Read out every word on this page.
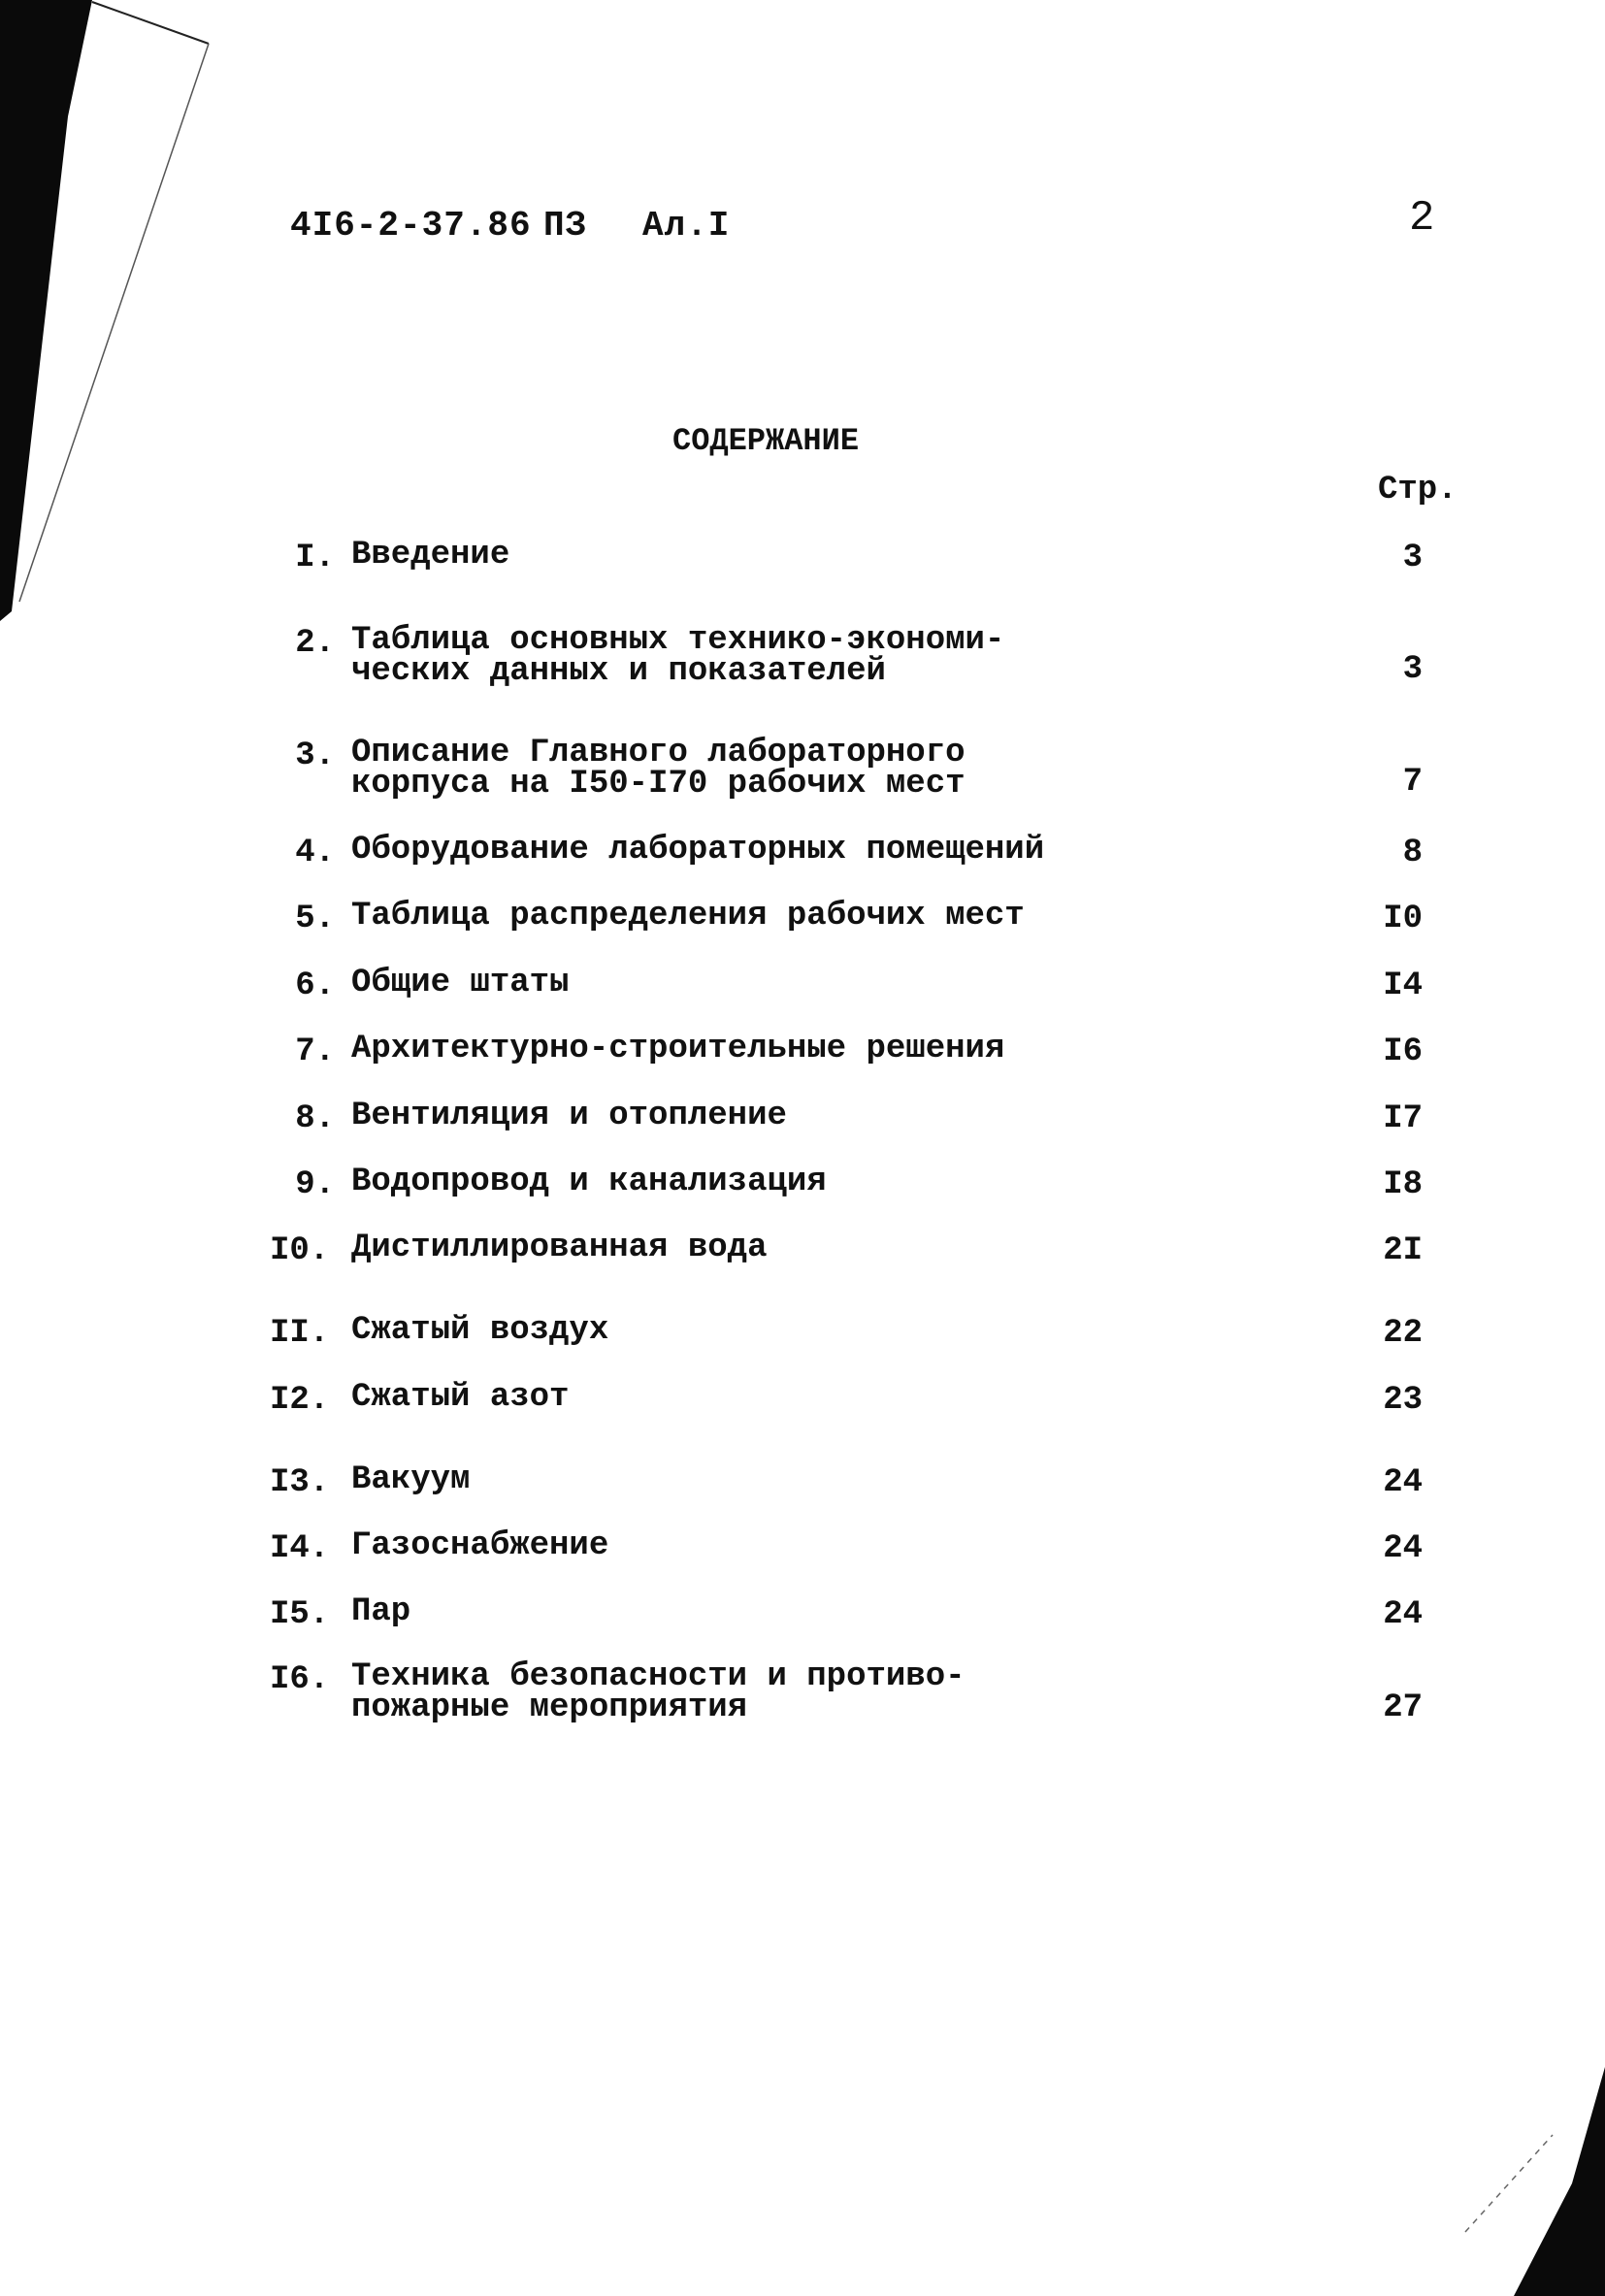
4I6-2-37.86 ПЗ Ал.I	2
СОДЕРЖАНИЕ
Стр.
I. Введение	3
2. Таблица основных технико-экономи-
ческих данных и показателей	3
3. Описание Главного лабораторного
корпуса на I50-I70 рабочих мест	7
4. Оборудование лабораторных помещений	8
5. Таблица распределения рабочих мест	I0
6. Общие штаты	I4
7. Архитектурно-строительные решения	I6
8. Вентиляция и отопление	I7
9. Водопровод и канализация	I8
I0. Дистиллированная вода	2I
II. Сжатый воздух	22
I2. Сжатый азот	23
I3. Вакуум	24
I4. Газоснабжение	24
I5. Пар	24
I6. Техника безопасности и противо-
пожарные мероприятия	27
